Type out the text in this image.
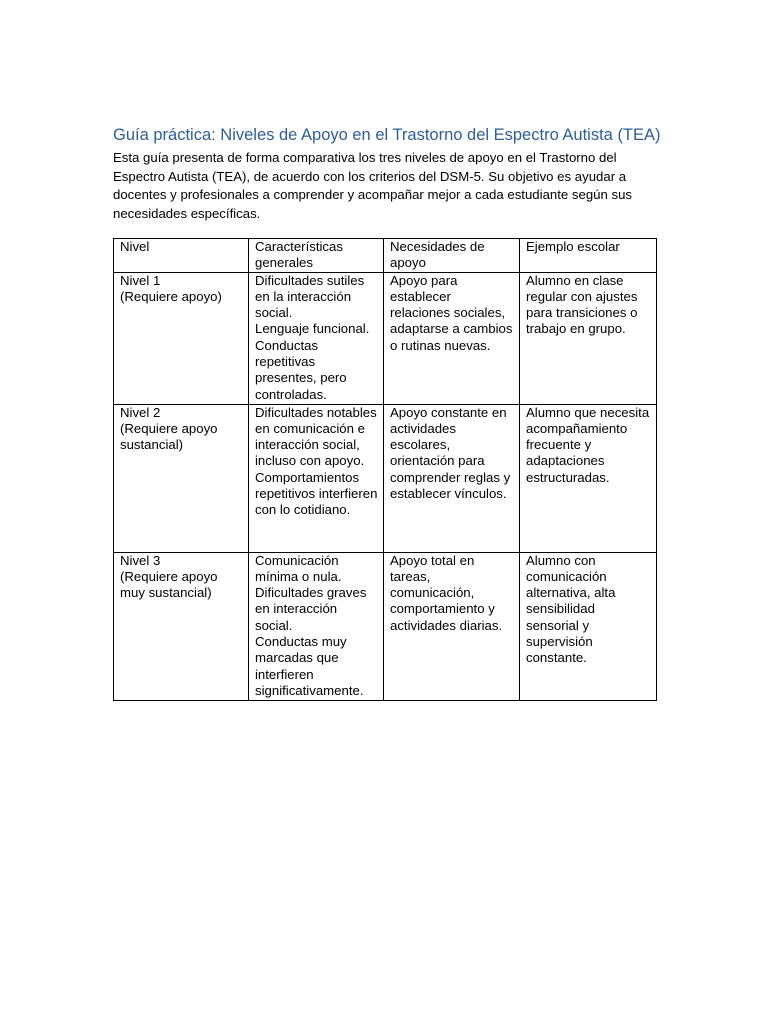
Guía práctica: Niveles de Apoyo en el Trastorno del Espectro Autista (TEA)

Esta guía presenta de forma comparativa los tres niveles de apoyo en el Trastorno del Espectro Autista (TEA), de acuerdo con los criterios del DSM-5. Su objetivo es ayudar a docentes y profesionales a comprender y acompañar mejor a cada estudiante según sus necesidades específicas.

Nivel	Características generales	Necesidades de apoyo	Ejemplo escolar

Nivel 1
(Requiere apoyo)	Dificultades sutiles en la interacción social.
Lenguaje funcional.
Conductas repetitivas presentes, pero controladas.	Apoyo para establecer relaciones sociales, adaptarse a cambios o rutinas nuevas.	Alumno en clase regular con ajustes para transiciones o trabajo en grupo.

Nivel 2
(Requiere apoyo sustancial)	Dificultades notables en comunicación e interacción social, incluso con apoyo.
Comportamientos repetitivos interfieren con lo cotidiano.	Apoyo constante en actividades escolares, orientación para comprender reglas y establecer vínculos.	Alumno que necesita acompañamiento frecuente y adaptaciones estructuradas.

Nivel 3
(Requiere apoyo muy sustancial)	Comunicación mínima o nula.
Dificultades graves en interacción social.
Conductas muy marcadas que interfieren significativamente.	Apoyo total en tareas, comunicación, comportamiento y actividades diarias.	Alumno con comunicación alternativa, alta sensibilidad sensorial y supervisión constante.
